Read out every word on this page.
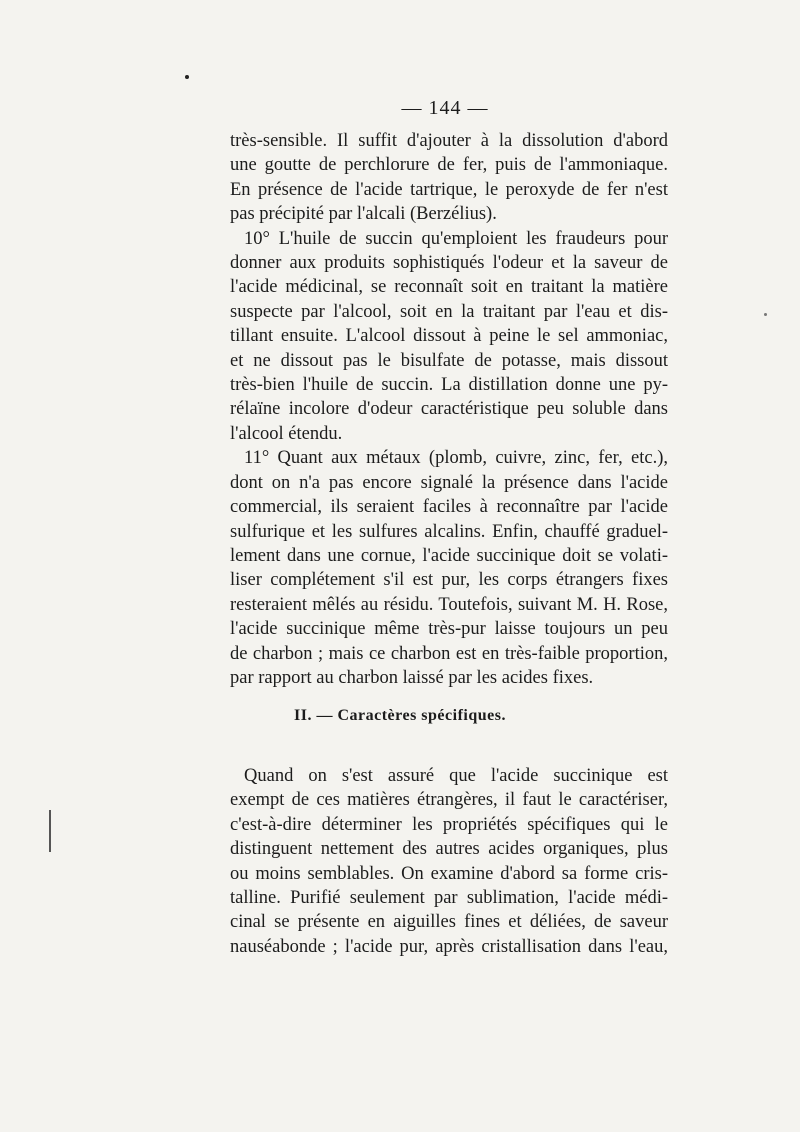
— 144 —
très-sensible. Il suffit d'ajouter à la dissolution d'abord
une goutte de perchlorure de fer, puis de l'ammoniaque.
En présence de l'acide tartrique, le peroxyde de fer n'est
pas précipité par l'alcali (Berzélius).
10° L'huile de succin qu'emploient les fraudeurs pour
donner aux produits sophistiqués l'odeur et la saveur de
l'acide médicinal, se reconnaît soit en traitant la matière
suspecte par l'alcool, soit en la traitant par l'eau et dis-
tillant ensuite. L'alcool dissout à peine le sel ammoniac,
et ne dissout pas le bisulfate de potasse, mais dissout
très-bien l'huile de succin. La distillation donne une py-
rélaïne incolore d'odeur caractéristique peu soluble dans
l'alcool étendu.
11° Quant aux métaux (plomb, cuivre, zinc, fer, etc.),
dont on n'a pas encore signalé la présence dans l'acide
commercial, ils seraient faciles à reconnaître par l'acide
sulfurique et les sulfures alcalins. Enfin, chauffé graduel-
lement dans une cornue, l'acide succinique doit se volati-
liser complétement s'il est pur, les corps étrangers fixes
resteraient mêlés au résidu. Toutefois, suivant M. H. Rose,
l'acide succinique même très-pur laisse toujours un peu
de charbon ; mais ce charbon est en très-faible proportion,
par rapport au charbon laissé par les acides fixes.
II. — Caractères spécifiques.
Quand on s'est assuré que l'acide succinique est
exempt de ces matières étrangères, il faut le caractériser,
c'est-à-dire déterminer les propriétés spécifiques qui le
distinguent nettement des autres acides organiques, plus
ou moins semblables. On examine d'abord sa forme cris-
talline. Purifié seulement par sublimation, l'acide médi-
cinal se présente en aiguilles fines et déliées, de saveur
nauséabonde ; l'acide pur, après cristallisation dans l'eau,
